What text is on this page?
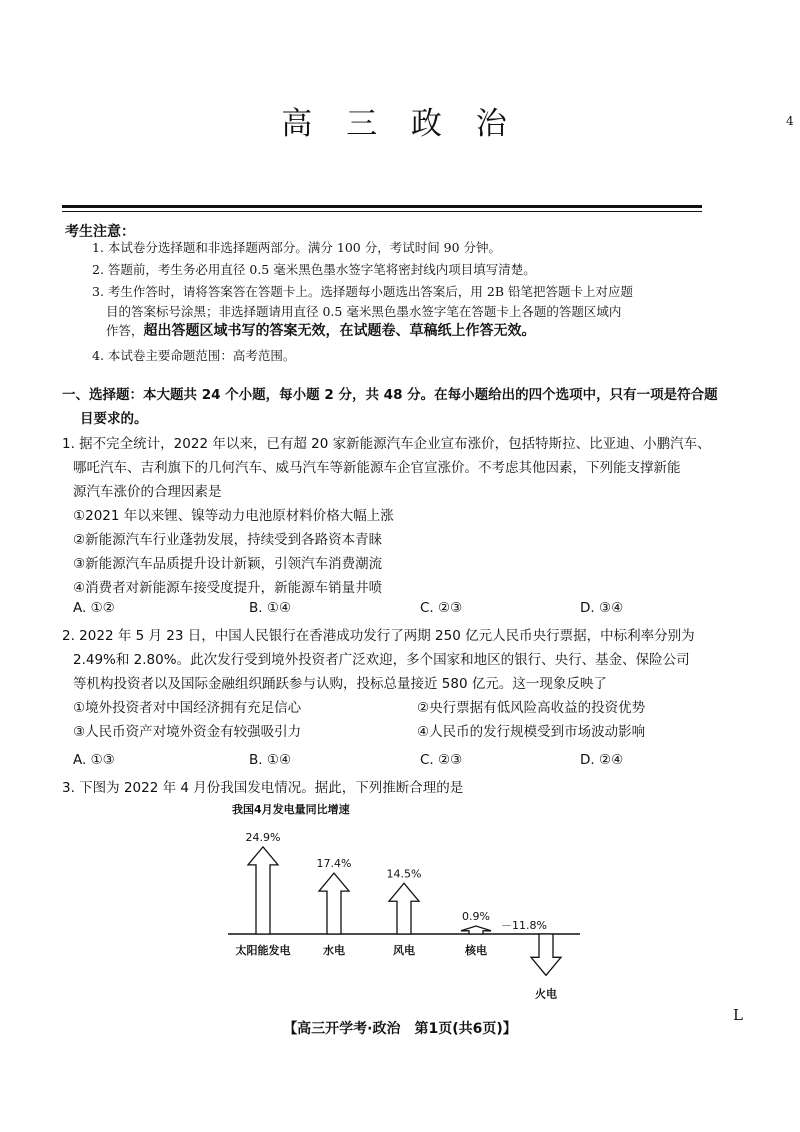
高 三 政 治	4
考生注意：
1. 本试卷分选择题和非选择题两部分。满分 100 分，考试时间 90 分钟。
2. 答题前，考生务必用直径 0.5 毫米黑色墨水签字笔将密封线内项目填写清楚。
3. 考生作答时，请将答案答在答题卡上。选择题每小题选出答案后，用 2B 铅笔把答题卡上对应题
目的答案标号涂黑；非选择题请用直径 0.5 毫米黑色墨水签字笔在答题卡上各题的答题区域内
作答，超出答题区域书写的答案无效，在试题卷、草稿纸上作答无效。
4. 本试卷主要命题范围：高考范围。
一、选择题：本大题共 24 个小题，每小题 2 分，共 48 分。在每小题给出的四个选项中，只有一项是符合题
目要求的。
1. 据不完全统计，2022 年以来，已有超 20 家新能源汽车企业宣布涨价，包括特斯拉、比亚迪、小鹏汽车、
哪吒汽车、吉利旗下的几何汽车、威马汽车等新能源车企官宣涨价。不考虑其他因素，下列能支撑新能
源汽车涨价的合理因素是
①2021 年以来锂、镍等动力电池原材料价格大幅上涨
②新能源汽车行业蓬勃发展，持续受到各路资本青睐
③新能源汽车品质提升设计新颖，引领汽车消费潮流
④消费者对新能源车接受度提升，新能源车销量井喷
A. ①②	B. ①④	C. ②③	D. ③④
2. 2022 年 5 月 23 日，中国人民银行在香港成功发行了两期 250 亿元人民币央行票据，中标利率分别为
2.49%和 2.80%。此次发行受到境外投资者广泛欢迎，多个国家和地区的银行、央行、基金、保险公司
等机构投资者以及国际金融组织踊跃参与认购，投标总量接近 580 亿元。这一现象反映了
①境外投资者对中国经济拥有充足信心	②央行票据有低风险高收益的投资优势
③人民币资产对境外资金有较强吸引力	④人民币的发行规模受到市场波动影响
A. ①③	B. ①④	C. ②③	D. ②④
3. 下图为 2022 年 4 月份我国发电情况。据此，下列推断合理的是
我国4月发电量同比增速
24.9%
太阳能发电
17.4%
水电
14.5%
风电
0.9%
核电
－11.8%
火电
L
【高三开学考·政治　第1页(共6页)】
